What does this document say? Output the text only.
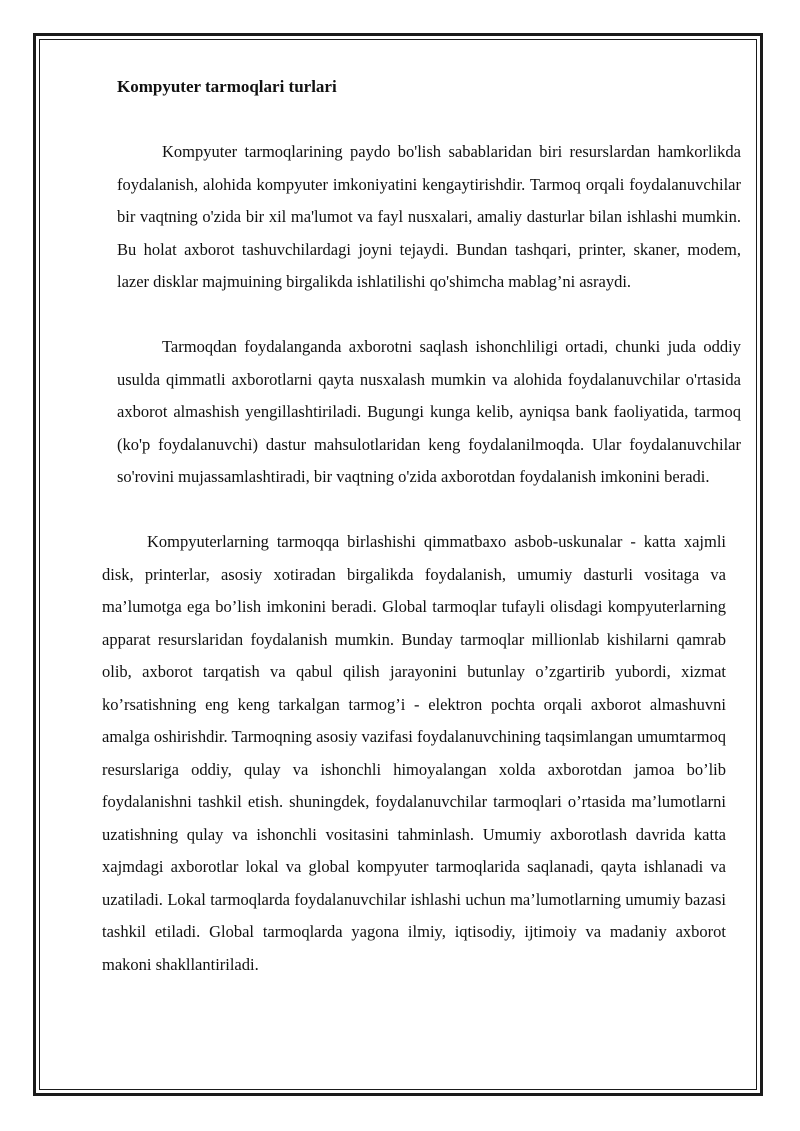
Kompyuter tarmoqlari turlari

Kompyuter tarmoqlarining paydo bo'lish sabablaridan biri resurslardan hamkorlikda foydalanish, alohida kompyuter imkoniyatini kengaytirishdir. Tarmoq orqali foydalanuvchilar bir vaqtning o'zida bir xil ma'lumot va fayl nusxalari, amaliy dasturlar bilan ishlashi mumkin. Bu holat axborot tashuvchilardagi joyni tejaydi. Bundan tashqari, printer, skaner, modem, lazer disklar majmuining birgalikda ishlatilishi qo'shimcha mablag’ni asraydi.

Tarmoqdan foydalanganda axborotni saqlash ishonchliligi ortadi, chunki juda oddiy usulda qimmatli axborotlarni qayta nusxalash mumkin va alohida foydalanuvchilar o'rtasida axborot almashish yengillashtiriladi. Bugungi kunga kelib, ayniqsa bank faoliyatida, tarmoq (ko'p foydalanuvchi) dastur mahsulotlaridan keng foydalanilmoqda. Ular foydalanuvchilar so'rovini mujassamlashtiradi, bir vaqtning o'zida axborotdan foydalanish imkonini beradi.

Kompyuterlarning tarmoqqa birlashishi qimmatbaxo asbob-uskunalar - katta xajmli disk, printerlar, asosiy xotiradan birgalikda foydalanish, umumiy dasturli vositaga va ma’lumotga ega bo’lish imkonini beradi. Global tarmoqlar tufayli olisdagi kompyuterlarning apparat resurslaridan foydalanish mumkin. Bunday tarmoqlar millionlab kishilarni qamrab olib, axborot tarqatish va qabul qilish jarayonini butunlay o’zgartirib yubordi, xizmat ko’rsatishning eng keng tarkalgan tarmog’i - elektron pochta orqali axborot almashuvni amalga oshirishdir. Tarmoqning asosiy vazifasi foydalanuvchining taqsimlangan umumtarmoq resurslariga oddiy, qulay va ishonchli himoyalangan xolda axborotdan jamoa bo’lib foydalanishni tashkil etish. shuningdek, foydalanuvchilar tarmoqlari o’rtasida ma’lumotlarni uzatishning qulay va ishonchli vositasini tahminlash. Umumiy axborotlash davrida katta xajmdagi axborotlar lokal va global kompyuter tarmoqlarida saqlanadi, qayta ishlanadi va uzatiladi. Lokal tarmoqlarda foydalanuvchilar ishlashi uchun ma’lumotlarning umumiy bazasi tashkil etiladi. Global tarmoqlarda yagona ilmiy, iqtisodiy, ijtimoiy va madaniy axborot makoni shakllantiriladi.
